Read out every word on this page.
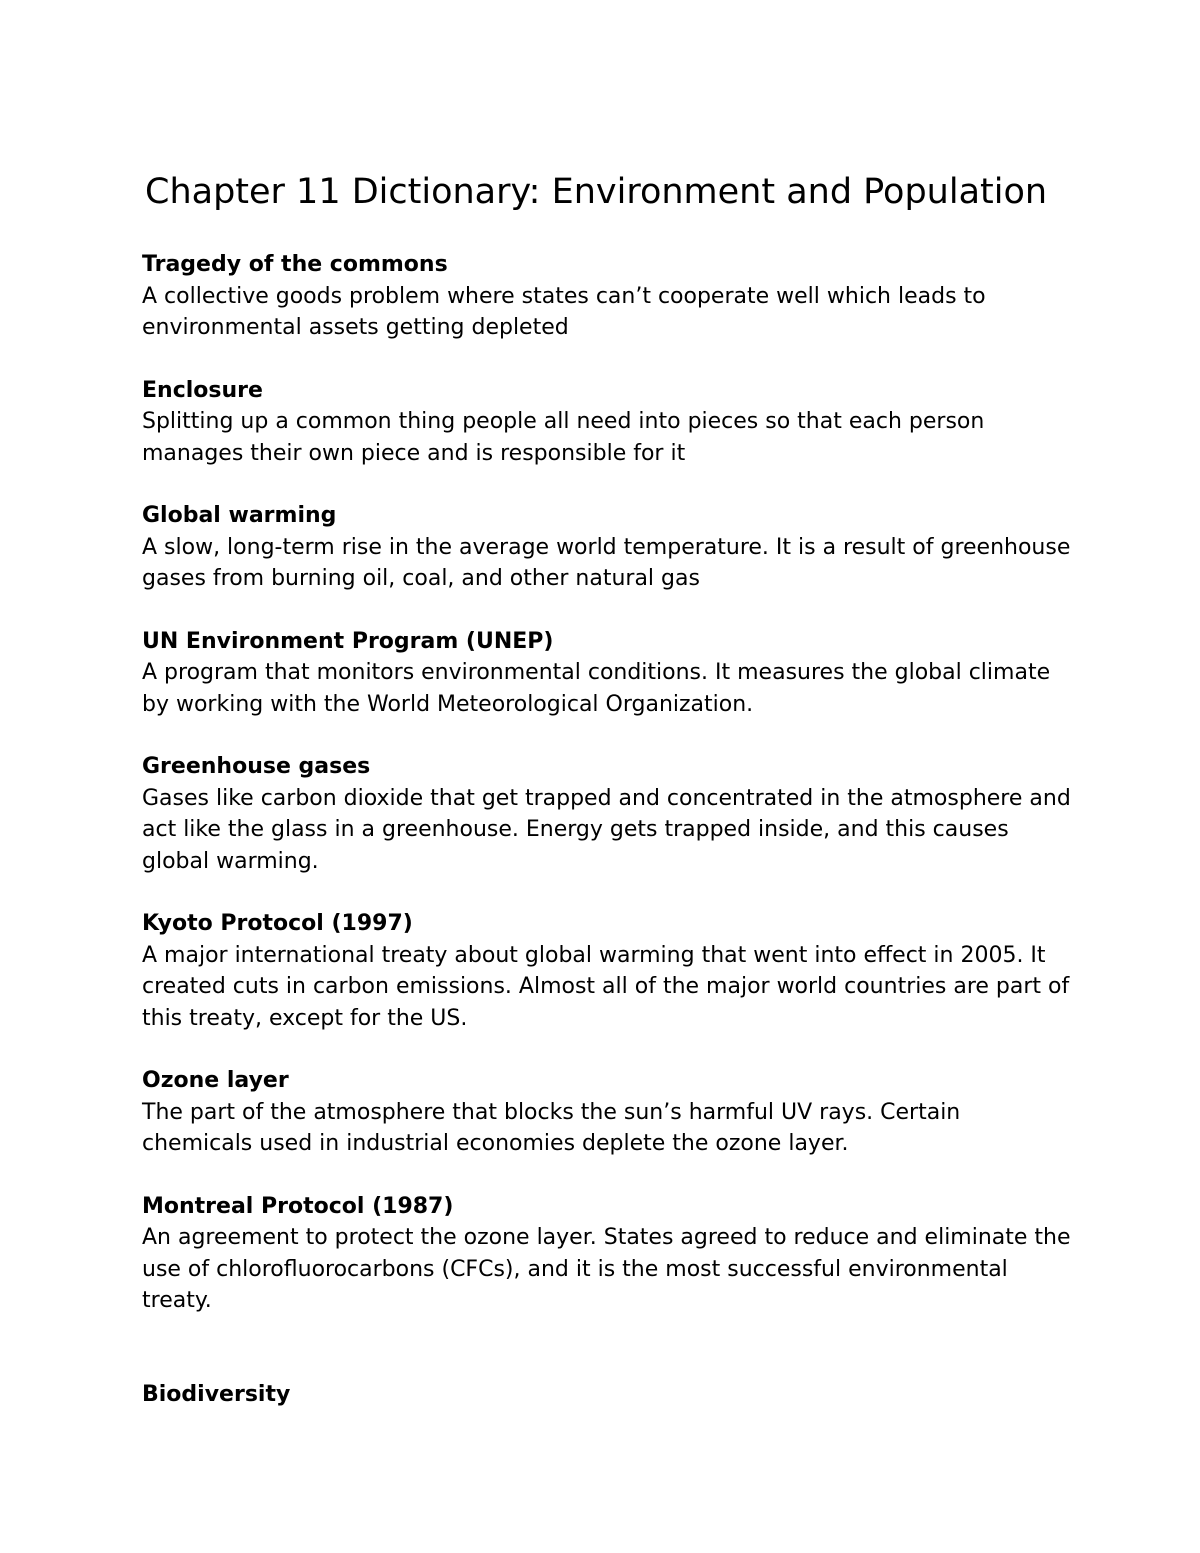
Chapter 11 Dictionary: Environment and Population

Tragedy of the commons

A collective goods problem where states can’t cooperate well which leads to environmental assets getting depleted

Enclosure

Splitting up a common thing people all need into pieces so that each person manages their own piece and is responsible for it

Global warming

A slow, long-term rise in the average world temperature. It is a result of greenhouse gases from burning oil, coal, and other natural gas

UN Environment Program (UNEP)

A program that monitors environmental conditions. It measures the global climate by working with the World Meteorological Organization.

Greenhouse gases

Gases like carbon dioxide that get trapped and concentrated in the atmosphere and act like the glass in a greenhouse. Energy gets trapped inside, and this causes global warming.

Kyoto Protocol (1997)

A major international treaty about global warming that went into effect in 2005. It created cuts in carbon emissions. Almost all of the major world countries are part of this treaty, except for the US.

Ozone layer

The part of the atmosphere that blocks the sun’s harmful UV rays. Certain chemicals used in industrial economies deplete the ozone layer.

Montreal Protocol (1987)

An agreement to protect the ozone layer. States agreed to reduce and eliminate the use of chlorofluorocarbons (CFCs), and it is the most successful environmental treaty.

Biodiversity
